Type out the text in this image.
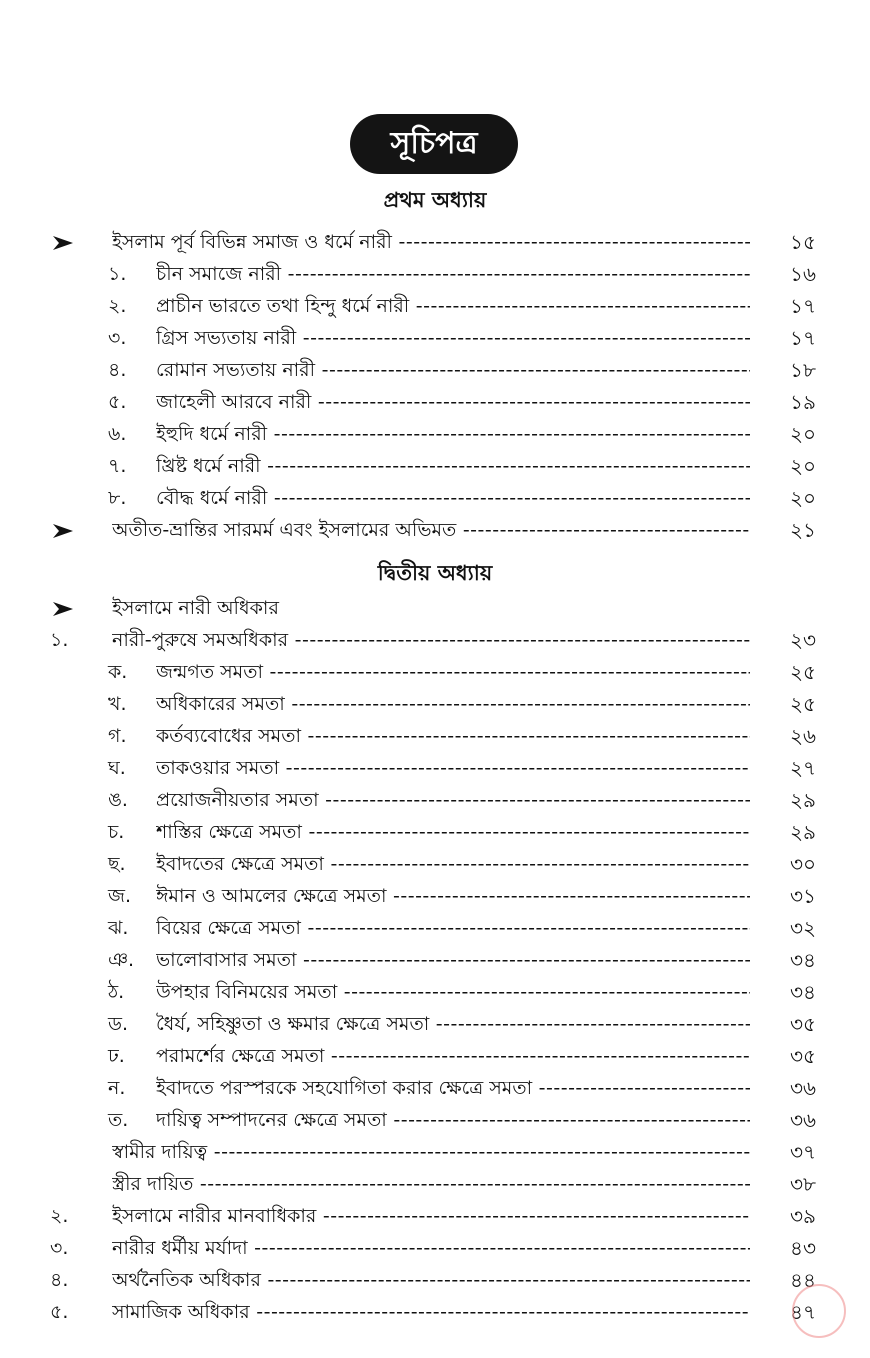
সূচিপত্র
প্রথম অধ্যায়
দ্বিতীয় অধ্যায়
ইসলাম পূর্ব বিভিন্ন সমাজ ও ধর্মে নারী -----	১৫
১. চীন সমাজে নারী -----	১৬
২. প্রাচীন ভারতে তথা হিন্দু ধর্মে নারী -----	১৭
৩. গ্রিস সভ্যতায় নারী -----	১৭
৪. রোমান সভ্যতায় নারী -----	১৮
৫. জাহেলী আরবে নারী -----	১৯
৬. ইহুদি ধর্মে নারী -----	২০
৭. খ্রিষ্ট ধর্মে নারী -----	২০
৮. বৌদ্ধ ধর্মে নারী -----	২০
অতীত-ভ্রান্তির সারমর্ম এবং ইসলামের অভিমত -----	২১
ইসলামে নারী অধিকার
১. নারী-পুরুষে সমঅধিকার -----	২৩
ক. জন্মগত সমতা -----	২৫
খ. অধিকারের সমতা -----	২৫
গ. কর্তব্যবোধের সমতা -----	২৬
ঘ. তাকওয়ার সমতা -----	২৭
ঙ. প্রয়োজনীয়তার সমতা -----	২৯
চ. শাস্তির ক্ষেত্রে সমতা -----	২৯
ছ. ইবাদতের ক্ষেত্রে সমতা -----	৩০
জ. ঈমান ও আমলের ক্ষেত্রে সমতা -----	৩১
ঝ. বিয়ের ক্ষেত্রে সমতা -----	৩২
ঞ. ভালোবাসার সমতা -----	৩৪
ঠ. উপহার বিনিময়ের সমতা -----	৩৪
ড. ধৈর্য, সহিষ্ণুতা ও ক্ষমার ক্ষেত্রে সমতা -----	৩৫
ঢ. পরামর্শের ক্ষেত্রে সমতা -----	৩৫
ন. ইবাদতে পরস্পরকে সহযোগিতা করার ক্ষেত্রে সমতা -----	৩৬
ত. দায়িত্ব সম্পাদনের ক্ষেত্রে সমতা -----	৩৬
স্বামীর দায়িত্ব -----	৩৭
স্ত্রীর দায়িত -----	৩৮
২. ইসলামে নারীর মানবাধিকার -----	৩৯
৩. নারীর ধর্মীয় মর্যাদা -----	৪৩
৪. অর্থনৈতিক অধিকার -----	৪৪
৫. সামাজিক অধিকার -----	৪৭
